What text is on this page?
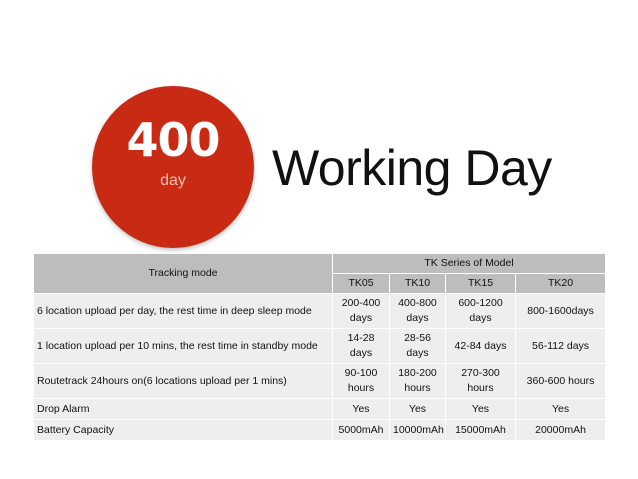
400
day	Working Day
Tracking mode	TK Series of Model			
	TK05	TK10	TK15	TK20
6 location upload per day, the rest time in deep sleep mode	200-400 days	400-800 days	600-1200 days	800-1600days
1 location upload per 10 mins, the rest time in standby mode	14-28 days	28-56 days	42-84 days	56-112 days
Routetrack 24hours on(6 locations upload per 1 mins)	90-100 hours	180-200 hours	270-300 hours	360-600 hours
Drop Alarm	Yes	Yes	Yes	Yes
Battery Capacity	5000mAh	10000mAh	15000mAh	20000mAh
